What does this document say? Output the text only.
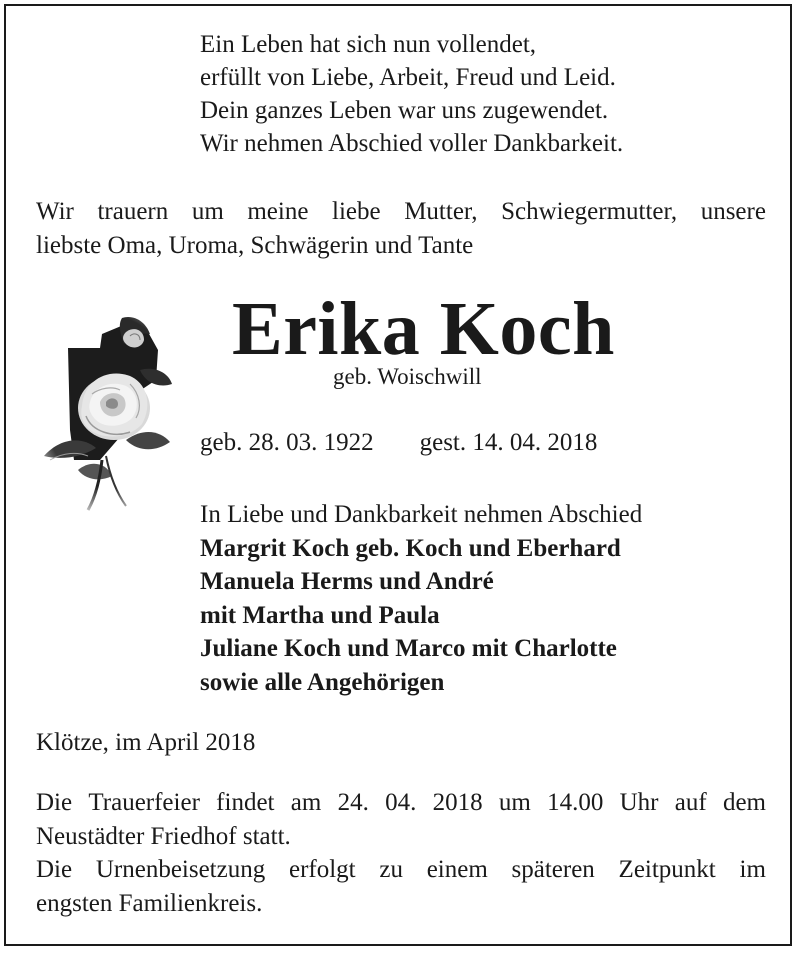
Ein Leben hat sich nun vollendet,
erfüllt von Liebe, Arbeit, Freud und Leid.
Dein ganzes Leben war uns zugewendet.
Wir nehmen Abschied voller Dankbarkeit.
Wir trauern um meine liebe Mutter, Schwiegermutter, unsere
liebste Oma, Uroma, Schwägerin und Tante
Erika Koch
geb. Woischwill
geb. 28. 03. 1922 gest. 14. 04. 2018
In Liebe und Dankbarkeit nehmen Abschied
Margrit Koch geb. Koch und Eberhard
Manuela Herms und André
mit Martha und Paula
Juliane Koch und Marco mit Charlotte
sowie alle Angehörigen
Klötze, im April 2018
Die Trauerfeier findet am 24. 04. 2018 um 14.00 Uhr auf dem
Neustädter Friedhof statt.
Die Urnenbeisetzung erfolgt zu einem späteren Zeitpunkt im
engsten Familienkreis.
